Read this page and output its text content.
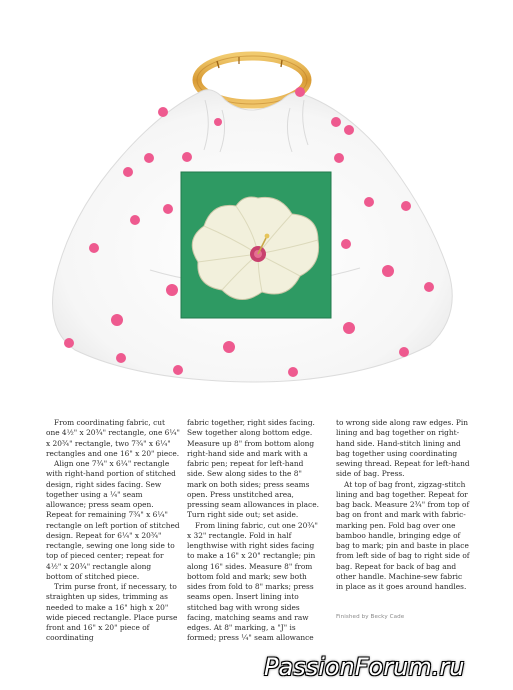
From coordinating fabric, cut one 4½" x 20¾" rectangle, one 6¼" x 20¾" rectangle, two 7¾" x 6¼" rectangles and one 16" x 20" piece.

Align one 7¾" x 6¼" rectangle with right-hand portion of stitched design, right sides facing. Sew together using a ¼" seam allowance; press seam open. Repeat for remaining 7¾" x 6¼" rectangle on left portion of stitched design. Repeat for 6¼" x 20¾" rectangle, sewing one long side to top of pieced center; repeat for 4½" x 20¾" rectangle along bottom of stitched piece.

Trim purse front, if necessary, to straighten up sides, trimming as needed to make a 16" high x 20" wide pieced rectangle. Place purse front and 16" x 20" piece of coordinating

fabric together, right sides facing. Sew together along bottom edge. Measure up 8" from bottom along right-hand side and mark with a fabric pen; repeat for left-hand side. Sew along sides to the 8" mark on both sides; press seams open. Press unstitched area, pressing seam allowances in place. Turn right side out; set aside.

From lining fabric, cut one 20¾" x 32" rectangle. Fold in half lengthwise with right sides facing to make a 16" x 20" rectangle; pin along 16" sides. Measure 8" from bottom fold and mark; sew both sides from fold to 8" marks; press seams open. Insert lining into stitched bag with wrong sides facing, matching seams and raw edges. At 8" marking, a "J" is formed; press ¼" seam allowance

to wrong side along raw edges. Pin lining and bag together on right-hand side. Hand-stitch lining and bag together using coordinating sewing thread. Repeat for left-hand side of bag. Press.

At top of bag front, zigzag-stitch lining and bag together. Repeat for bag back. Measure 2¾" from top of bag on front and mark with fabric-marking pen. Fold bag over one bamboo handle, bringing edge of bag to mark; pin and baste in place from left side of bag to right side of bag. Repeat for back of bag and other handle. Machine-sew fabric in place as it goes around handles.

Finished by Becky Cade
PassionForum.ru
